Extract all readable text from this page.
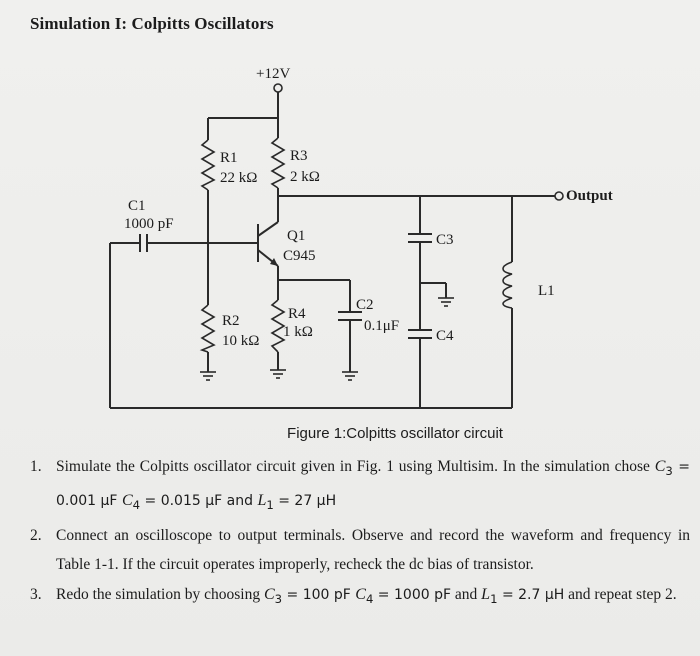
Simulation I: Colpitts Oscillators
+12V
R1
22 kΩ
R3
2 kΩ
C1
1000 pF
Q1
C945
R2
10 kΩ
R4
1 kΩ
C2
0.1μF
C3
C4
L1
Output
Figure 1:Colpitts oscillator circuit
1. Simulate the Colpitts oscillator circuit given in Fig. 1 using Multisim. In the simulation chose $C_3 = 0.001$ μF $C_4 = 0.015$ μF and $L_1 = 27$ μH
2. Connect an oscilloscope to output terminals. Observe and record the waveform and frequency in Table 1-1. If the circuit operates improperly, recheck the dc bias of transistor.
3. Redo the simulation by choosing $C_3 = 100$ pF $C_4 = 1000$ pF and $L_1 = 2.7$ μH and repeat step 2.
